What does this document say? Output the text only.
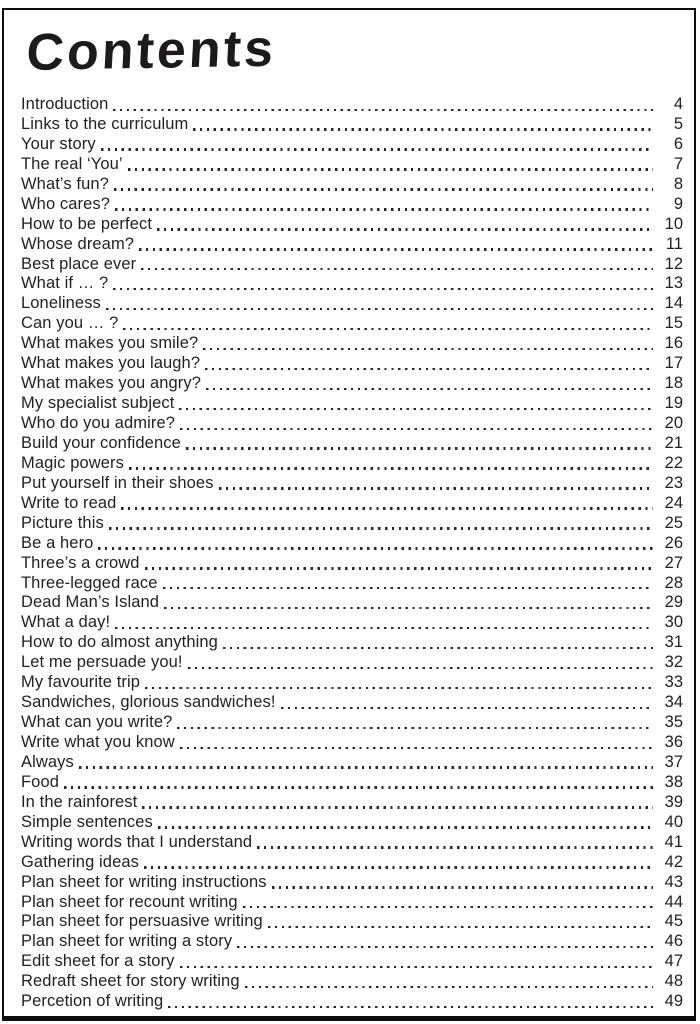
Contents
Introduction	4
Links to the curriculum	5
Your story	6
The real ‘You’	7
What’s fun?	8
Who cares?	9
How to be perfect	10
Whose dream?	11
Best place ever	12
What if … ?	13
Loneliness	14
Can you … ?	15
What makes you smile?	16
What makes you laugh?	17
What makes you angry?	18
My specialist subject	19
Who do you admire?	20
Build your confidence	21
Magic powers	22
Put yourself in their shoes	23
Write to read	24
Picture this	25
Be a hero	26
Three’s a crowd	27
Three-legged race	28
Dead Man’s Island	29
What a day!	30
How to do almost anything	31
Let me persuade you!	32
My favourite trip	33
Sandwiches, glorious sandwiches!	34
What can you write?	35
Write what you know	36
Always	37
Food	38
In the rainforest	39
Simple sentences	40
Writing words that I understand	41
Gathering ideas	42
Plan sheet for writing instructions	43
Plan sheet for recount writing	44
Plan sheet for persuasive writing	45
Plan sheet for writing a story	46
Edit sheet for a story	47
Redraft sheet for story writing	48
Percetion of writing	49
